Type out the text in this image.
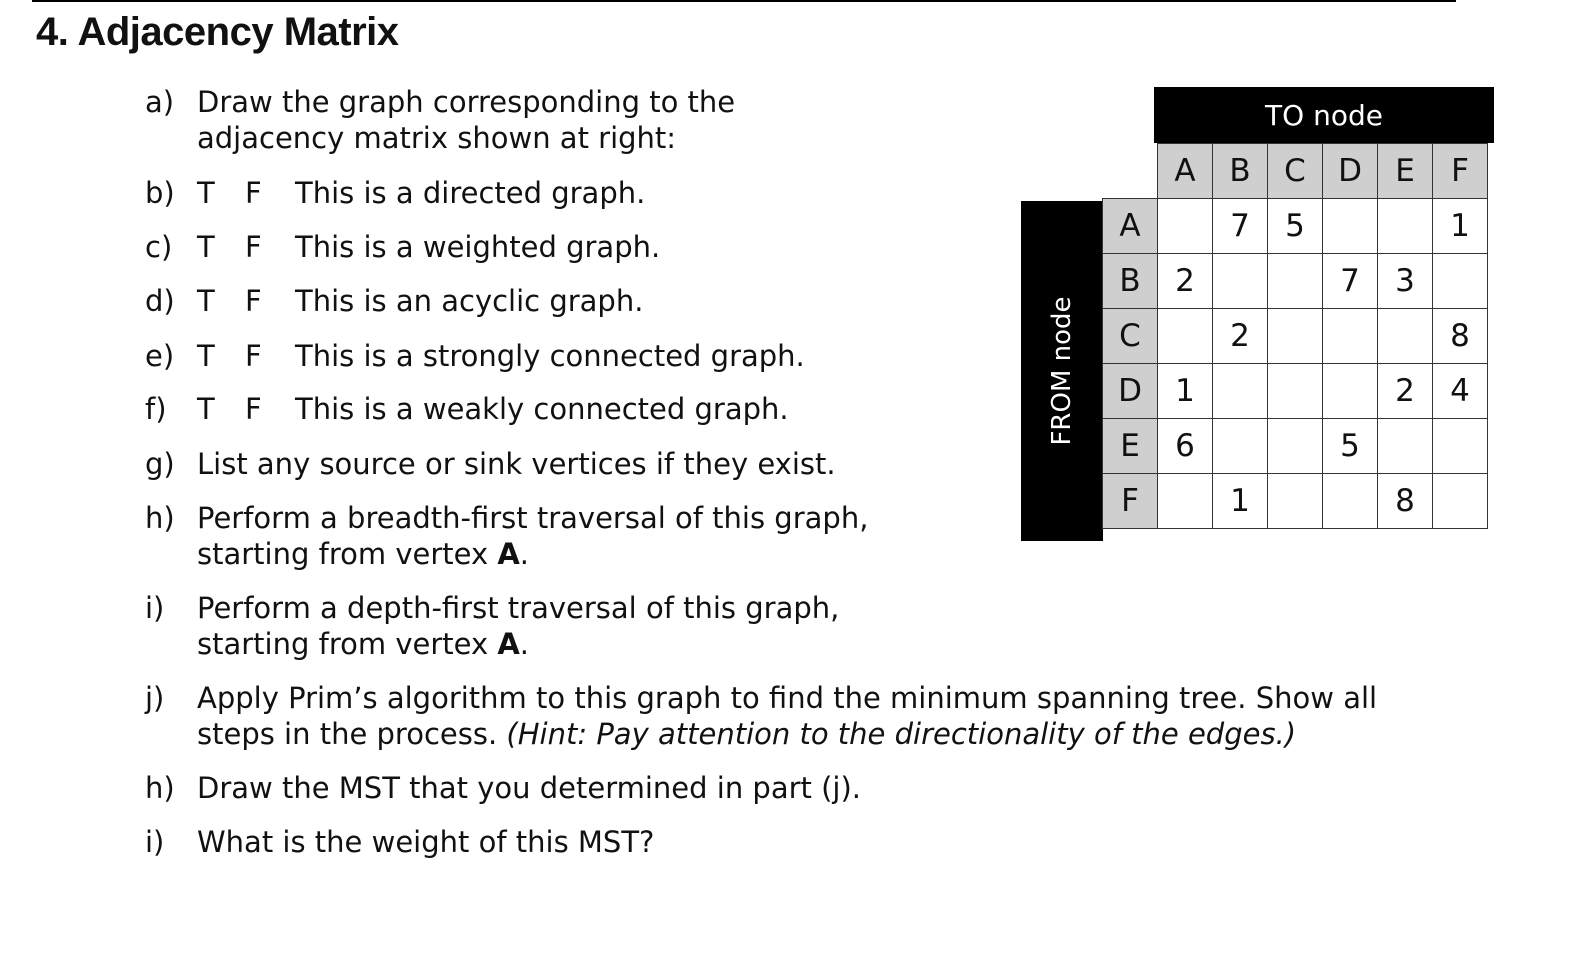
4. Adjacency Matrix
a) Draw the graph corresponding to the
adjacency matrix shown at right:
b) T F	This is a directed graph.
c) T F	This is a weighted graph.
d) T F	This is an acyclic graph.
e) T F	This is a strongly connected graph.
f) T F	This is a weakly connected graph.
g) List any source or sink vertices if they exist.
h) Perform a breadth-first traversal of this graph,
starting from vertex A.
i) Perform a depth-first traversal of this graph,
starting from vertex A.
j) Apply Prim’s algorithm to this graph to find the minimum spanning tree. Show all
steps in the process. (Hint: Pay attention to the directionality of the edges.)
h) Draw the MST that you determined in part (j).
i) What is the weight of this MST?
TO node
FROM node
	A	B	C	D	E	F
A		7	5			1
B	2			7	3	
C		2				8
D	1				2	4
E	6			5		
F		1			8	
